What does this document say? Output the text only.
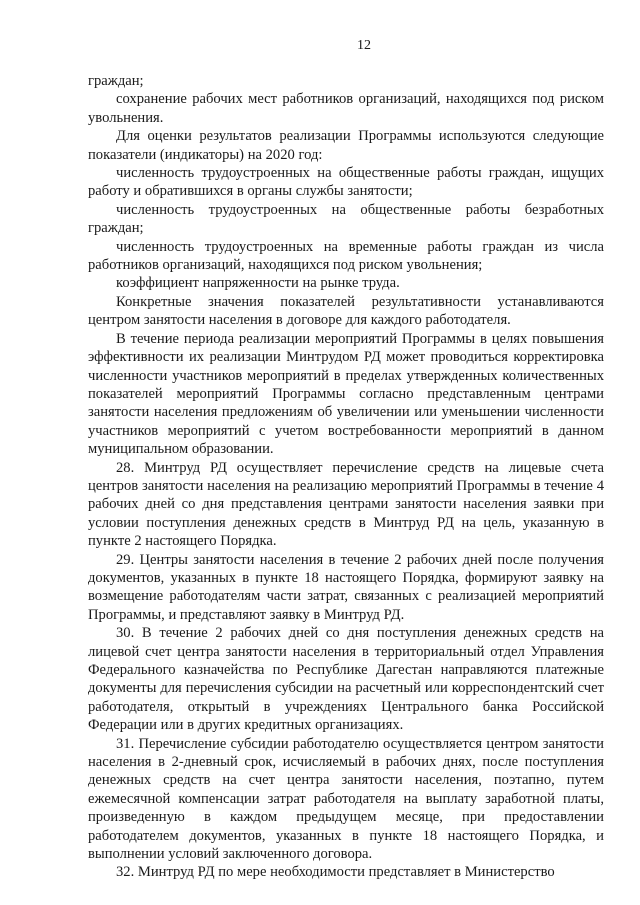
12

граждан;

сохранение рабочих мест работников организаций, находящихся под риском увольнения.

Для оценки результатов реализации Программы используются следующие показатели (индикаторы) на 2020 год:

численность трудоустроенных на общественные работы граждан, ищущих работу и обратившихся в органы службы занятости;

численность трудоустроенных на общественные работы безработных граждан;

численность трудоустроенных на временные работы граждан из числа работников организаций, находящихся под риском увольнения;

коэффициент напряженности на рынке труда.

Конкретные значения показателей результативности устанавливаются центром занятости населения в договоре для каждого работодателя.

В течение периода реализации мероприятий Программы в целях повышения эффективности их реализации Минтрудом РД может проводиться корректировка численности участников мероприятий в пределах утвержденных количественных показателей мероприятий Программы согласно представленным центрами занятости населения предложениям об увеличении или уменьшении численности участников мероприятий с учетом востребованности мероприятий в данном муниципальном образовании.

28. Минтруд РД осуществляет перечисление средств на лицевые счета центров занятости населения на реализацию мероприятий Программы в течение 4 рабочих дней со дня представления центрами занятости населения заявки при условии поступления денежных средств в Минтруд РД на цель, указанную в пункте 2 настоящего Порядка.

29. Центры занятости населения в течение 2 рабочих дней после получения документов, указанных в пункте 18 настоящего Порядка, формируют заявку на возмещение работодателям части затрат, связанных с реализацией мероприятий Программы, и представляют заявку в Минтруд РД.

30. В течение 2 рабочих дней со дня поступления денежных средств на лицевой счет центра занятости населения в территориальный отдел Управления Федерального казначейства по Республике Дагестан направляются платежные документы для перечисления субсидии на расчетный или корреспондентский счет работодателя, открытый в учреждениях Центрального банка Российской Федерации или в других кредитных организациях.

31. Перечисление субсидии работодателю осуществляется центром занятости населения в 2-дневный срок, исчисляемый в рабочих днях, после поступления денежных средств на счет центра занятости населения, поэтапно, путем ежемесячной компенсации затрат работодателя на выплату заработной платы, произведенную в каждом предыдущем месяце, при предоставлении работодателем документов, указанных в пункте 18 настоящего Порядка, и выполнении условий заключенного договора.

32. Минтруд РД по мере необходимости представляет в Министерство
